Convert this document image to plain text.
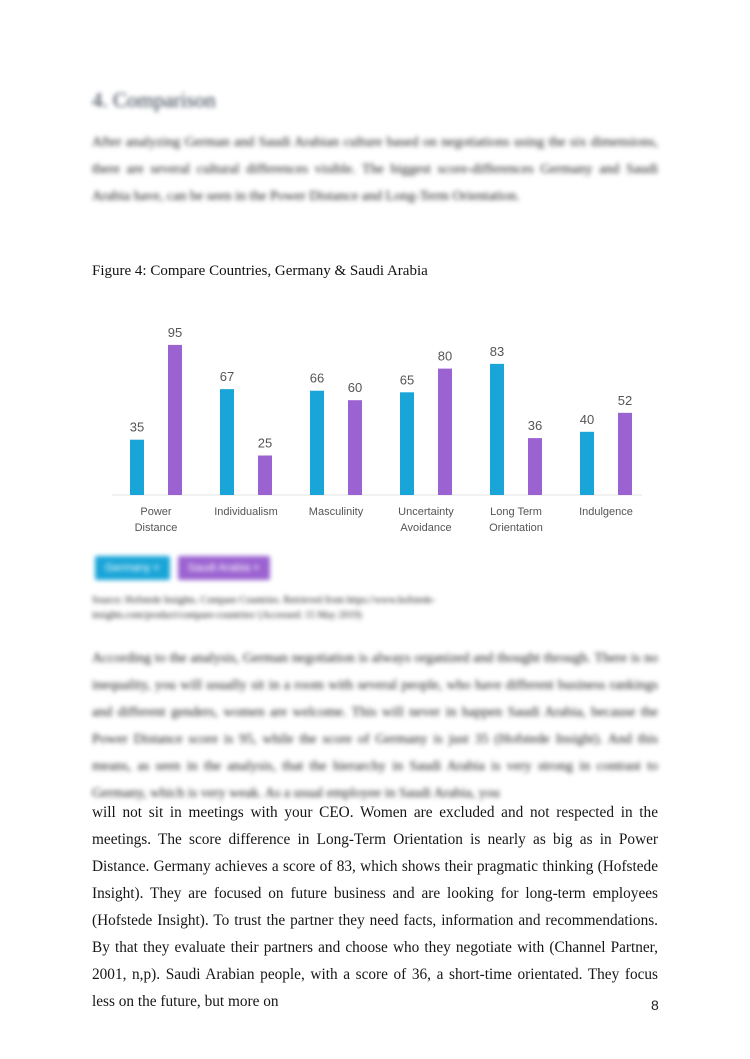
4. Comparison
After analyzing German and Saudi Arabian culture based on negotiations using the six dimensions, there are several cultural differences visible. The biggest score-differences Germany and Saudi Arabia have, can be seen in the Power Distance and Long-Term Orientation.
Figure 4: Compare Countries, Germany & Saudi Arabia
35
95
Power
Distance
67
25
Individualism
66
60
Masculinity
65
80
Uncertainty
Avoidance
83
36
Long Term
Orientation
40
52
Indulgence
Germany ×	Saudi Arabia ×
Source: Hofstede Insights. Compare Countries. Retrieved from https://www.hofstede-insights.com/product/compare-countries/ (Accessed: 15 May 2019)
According to the analysis, German negotiation is always organized and thought through. There is no inequality, you will usually sit in a room with several people, who have different business rankings and different genders, women are welcome. This will never in happen Saudi Arabia, because the Power Distance score is 95, while the score of Germany is just 35 (Hofstede Insight). And this means, as seen in the analysis, that the hierarchy in Saudi Arabia is very strong in contrast to Germany, which is very weak. As a usual employee in Saudi Arabia, you
will not sit in meetings with your CEO. Women are excluded and not respected in the meetings. The score difference in Long-Term Orientation is nearly as big as in Power Distance. Germany achieves a score of 83, which shows their pragmatic thinking (Hofstede Insight). They are focused on future business and are looking for long-term employees (Hofstede Insight). To trust the partner they need facts, information and recommendations. By that they evaluate their partners and choose who they negotiate with (Channel Partner, 2001, n,p). Saudi Arabian people, with a score of 36, a short-time orientated. They focus less on the future, but more on	8
